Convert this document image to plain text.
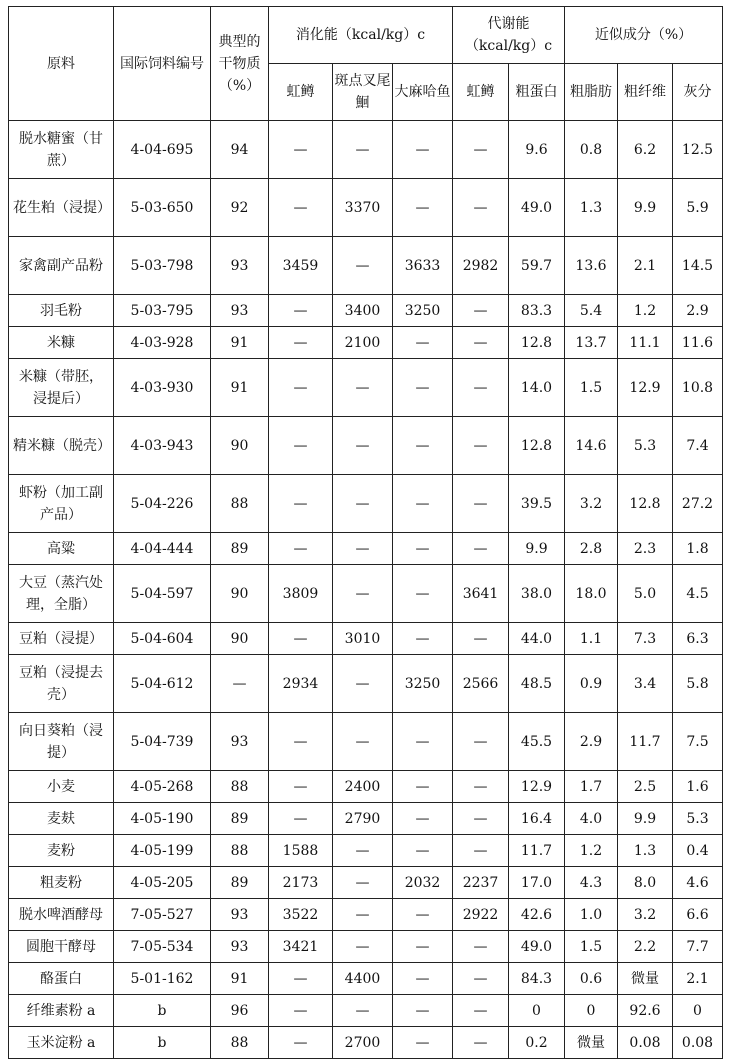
原料	国际饲料编号	典型的干物质（%）	消化能（kcal/kg）c			代谢能（kcal/kg）c		近似成分（%）		
			虹鳟	斑点叉尾鮰	大麻哈鱼	虹鳟	粗蛋白	粗脂肪	粗纤维	灰分
脱水糖蜜（甘蔗）	4-04-695	94	—	—	—	—	9.6	0.8	6.2	12.5
花生粕（浸提）	5-03-650	92	—	3370	—	—	49.0	1.3	9.9	5.9
家禽副产品粉	5-03-798	93	3459	—	3633	2982	59.7	13.6	2.1	14.5
羽毛粉	5-03-795	93	—	3400	3250	—	83.3	5.4	1.2	2.9
米糠	4-03-928	91	—	2100	—	—	12.8	13.7	11.1	11.6
米糠（带胚，浸提后）	4-03-930	91	—	—	—	—	14.0	1.5	12.9	10.8
精米糠（脱壳）	4-03-943	90	—	—	—	—	12.8	14.6	5.3	7.4
虾粉（加工副产品）	5-04-226	88	—	—	—	—	39.5	3.2	12.8	27.2
高粱	4-04-444	89	—	—	—	—	9.9	2.8	2.3	1.8
大豆（蒸汽处理，全脂）	5-04-597	90	3809	—	—	3641	38.0	18.0	5.0	4.5
豆粕（浸提）	5-04-604	90	—	3010	—	—	44.0	1.1	7.3	6.3
豆粕（浸提去壳）	5-04-612	—	2934	—	3250	2566	48.5	0.9	3.4	5.8
向日葵粕（浸提）	5-04-739	93	—	—	—	—	45.5	2.9	11.7	7.5
小麦	4-05-268	88	—	2400	—	—	12.9	1.7	2.5	1.6
麦麸	4-05-190	89	—	2790	—	—	16.4	4.0	9.9	5.3
麦粉	4-05-199	88	1588	—	—	—	11.7	1.2	1.3	0.4
粗麦粉	4-05-205	89	2173	—	2032	2237	17.0	4.3	8.0	4.6
脱水啤酒酵母	7-05-527	93	3522	—	—	2922	42.6	1.0	3.2	6.6
圆胞干酵母	7-05-534	93	3421	—	—	—	49.0	1.5	2.2	7.7
酪蛋白	5-01-162	91	—	4400	—	—	84.3	0.6	微量	2.1
纤维素粉 a	b	96	—	—	—	—	0	0	92.6	0
玉米淀粉 a	b	88	—	2700	—	—	0.2	微量	0.08	0.08
